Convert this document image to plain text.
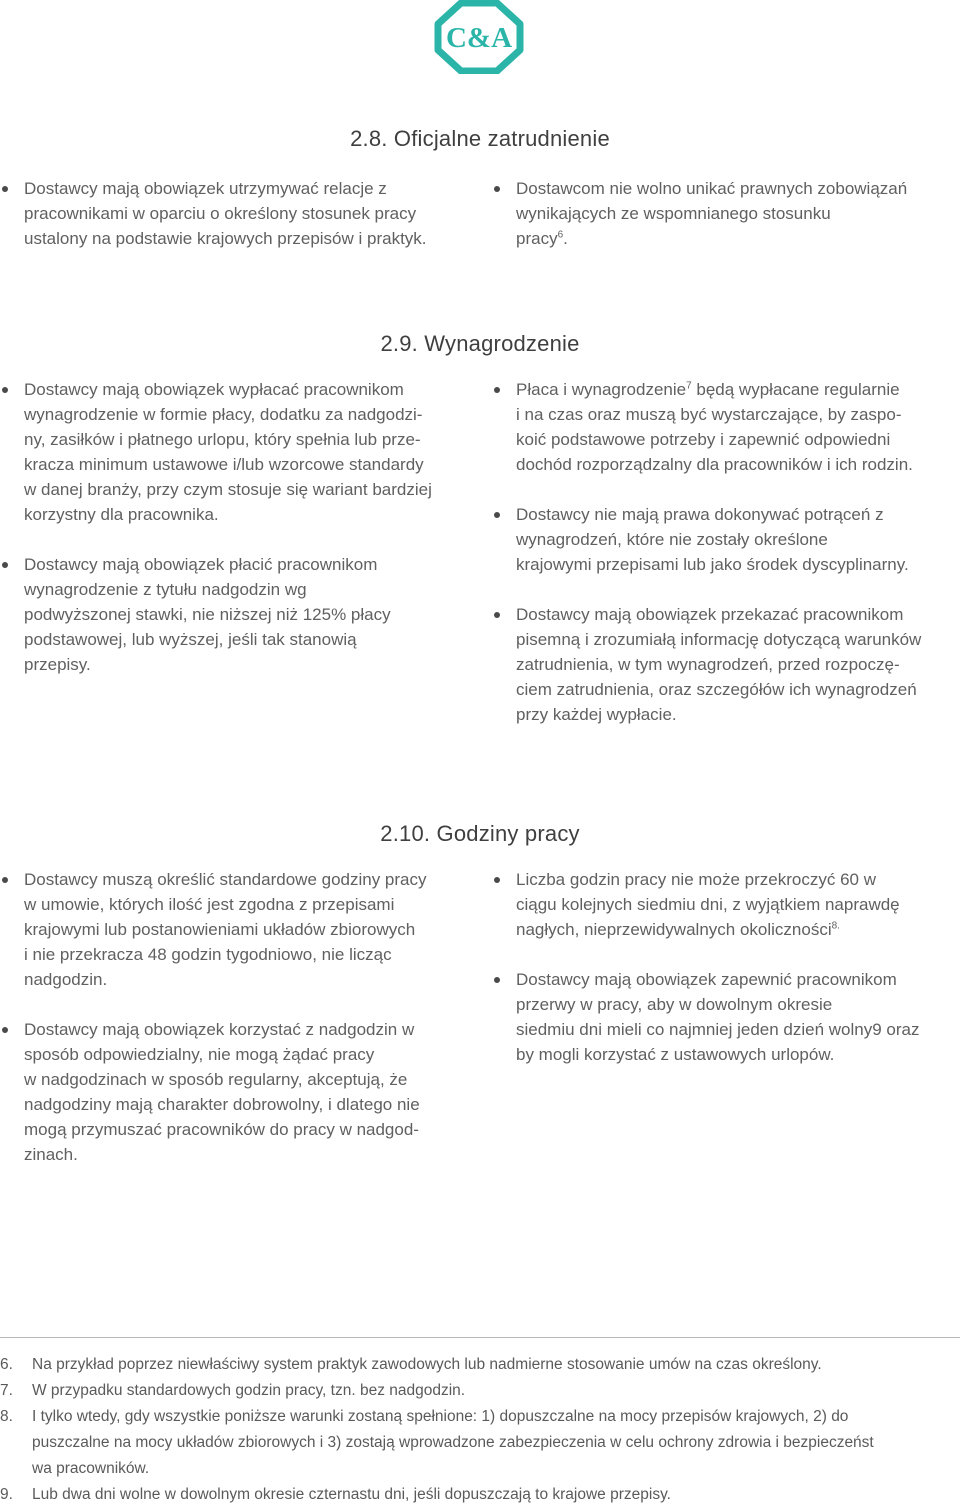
C&A
2.8. Oficjalne zatrudnienie
Dostawcy mają obowiązek utrzymywać relacje z
pracownikami w oparciu o określony stosunek pracy
ustalony na podstawie krajowych przepisów i praktyk.
Dostawcom nie wolno unikać prawnych zobowiązań
wynikających ze wspomnianego stosunku
pracy$^6$.
2.9. Wynagrodzenie
Dostawcy mają obowiązek wypłacać pracownikom
wynagrodzenie w formie płacy, dodatku za nadgodzi-
ny, zasiłków i płatnego urlopu, który spełnia lub prze-
kracza minimum ustawowe i/lub wzorcowe standardy
w danej branży, przy czym stosuje się wariant bardziej
korzystny dla pracownika.
Dostawcy mają obowiązek płacić pracownikom
wynagrodzenie z tytułu nadgodzin wg
podwyższonej stawki, nie niższej niż 125% płacy
podstawowej, lub wyższej, jeśli tak stanowią
przepisy.
Płaca i wynagrodzenie$^7$ będą wypłacane regularnie
i na czas oraz muszą być wystarczające, by zaspo-
koić podstawowe potrzeby i zapewnić odpowiedni
dochód rozporządzalny dla pracowników i ich rodzin.
Dostawcy nie mają prawa dokonywać potrąceń z
wynagrodzeń, które nie zostały określone
krajowymi przepisami lub jako środek dyscyplinarny.
Dostawcy mają obowiązek przekazać pracownikom
pisemną i zrozumiałą informację dotyczącą warunków
zatrudnienia, w tym wynagrodzeń, przed rozpoczę-
ciem zatrudnienia, oraz szczegółów ich wynagrodzeń
przy każdej wypłacie.
2.10. Godziny pracy
Dostawcy muszą określić standardowe godziny pracy
w umowie, których ilość jest zgodna z przepisami
krajowymi lub postanowieniami układów zbiorowych
i nie przekracza 48 godzin tygodniowo, nie licząc
nadgodzin.
Dostawcy mają obowiązek korzystać z nadgodzin w
sposób odpowiedzialny, nie mogą żądać pracy
w nadgodzinach w sposób regularny, akceptują, że
nadgodziny mają charakter dobrowolny, i dlatego nie
mogą przymuszać pracowników do pracy w nadgod-
zinach.
Liczba godzin pracy nie może przekroczyć 60 w
ciągu kolejnych siedmiu dni, z wyjątkiem naprawdę
nagłych, nieprzewidywalnych okoliczności$^{8.}$
Dostawcy mają obowiązek zapewnić pracownikom
przerwy w pracy, aby w dowolnym okresie
siedmiu dni mieli co najmniej jeden dzień wolny9 oraz
by mogli korzystać z ustawowych urlopów.
6. Na przykład poprzez niewłaściwy system praktyk zawodowych lub nadmierne stosowanie umów na czas określony.
7. W przypadku standardowych godzin pracy, tzn. bez nadgodzin.
8. I tylko wtedy, gdy wszystkie poniższe warunki zostaną spełnione: 1) dopuszczalne na mocy przepisów krajowych, 2) do
puszczalne na mocy układów zbiorowych i 3) zostają wprowadzone zabezpieczenia w celu ochrony zdrowia i bezpieczeńst
wa pracowników.
9. Lub dwa dni wolne w dowolnym okresie czternastu dni, jeśli dopuszczają to krajowe przepisy.
